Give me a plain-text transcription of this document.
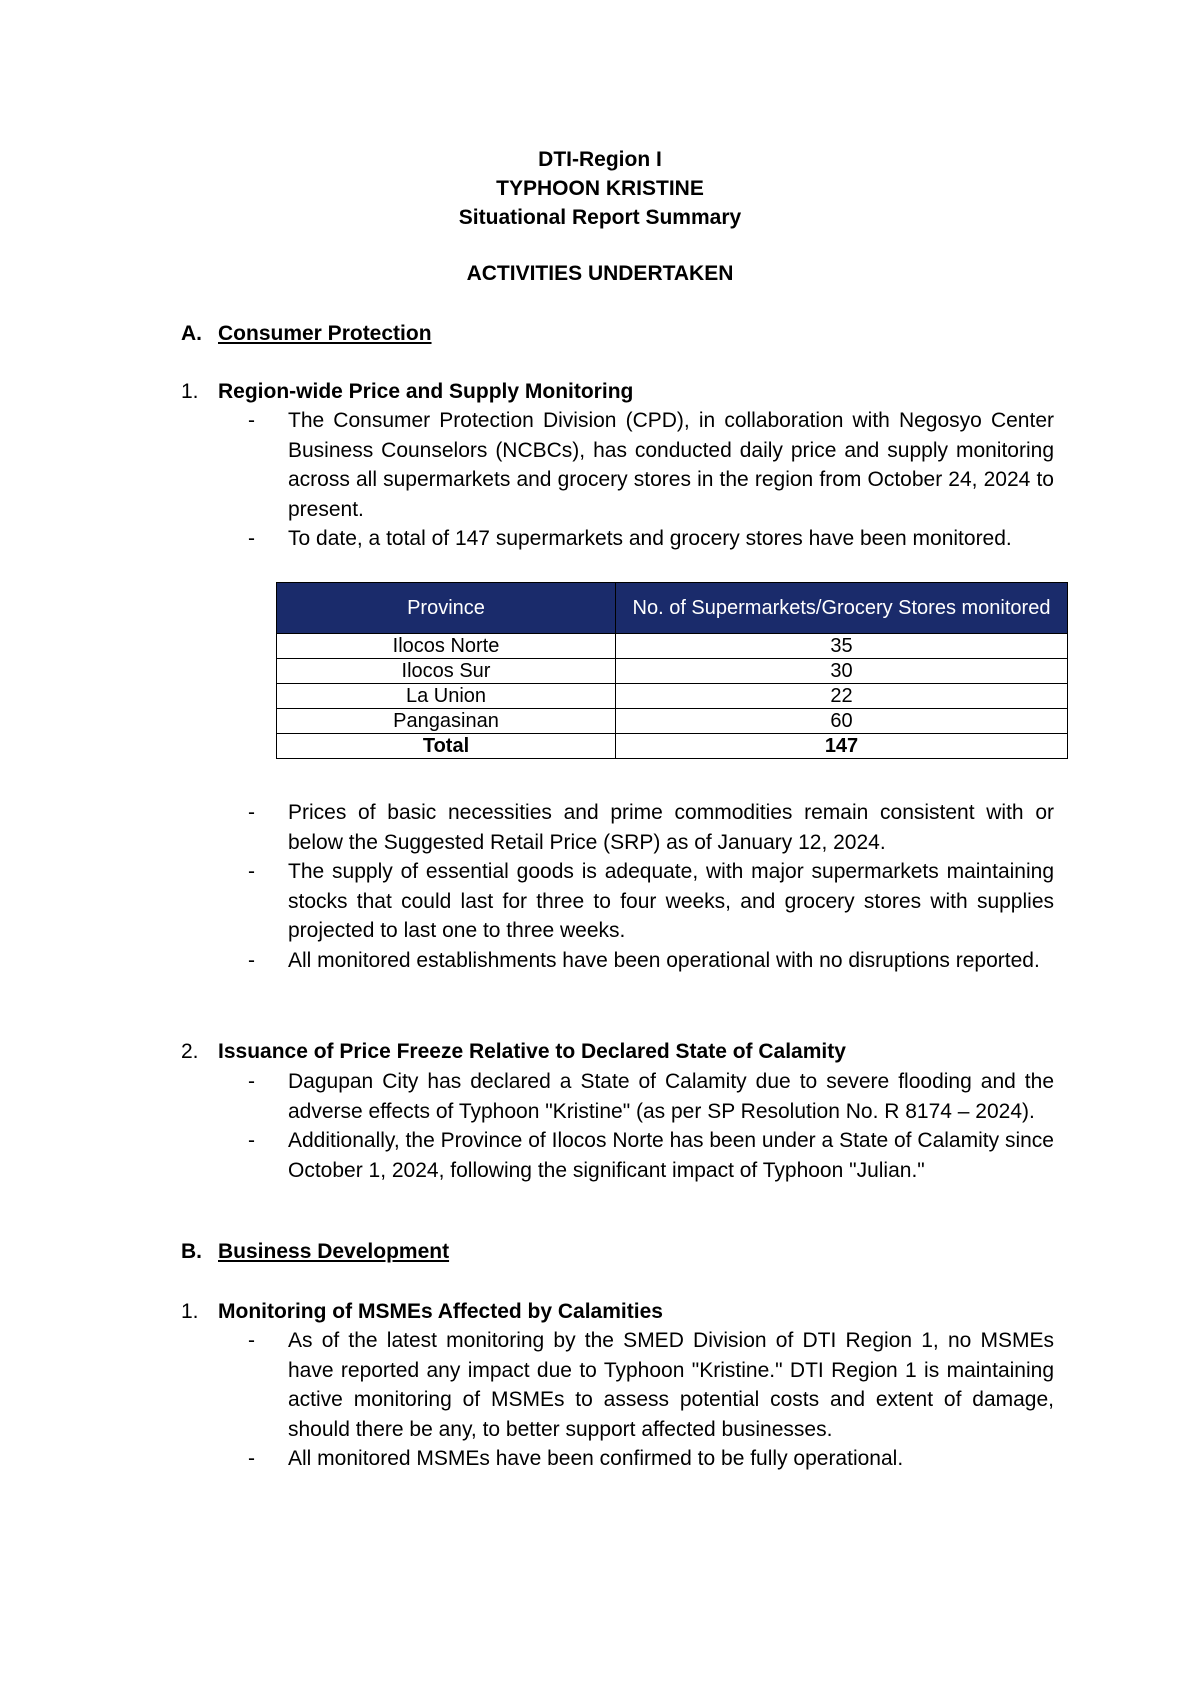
DTI-Region I
TYPHOON KRISTINE
Situational Report Summary
ACTIVITIES UNDERTAKEN
A. Consumer Protection
1. Region-wide Price and Supply Monitoring
- The Consumer Protection Division (CPD), in collaboration with Negosyo Center Business Counselors (NCBCs), has conducted daily price and supply monitoring across all supermarkets and grocery stores in the region from October 24, 2024 to present.
- To date, a total of 147 supermarkets and grocery stores have been monitored.
Province	No. of Supermarkets/Grocery Stores monitored
Ilocos Norte	35
Ilocos Sur	30
La Union	22
Pangasinan	60
Total	147
- Prices of basic necessities and prime commodities remain consistent with or below the Suggested Retail Price (SRP) as of January 12, 2024.
- The supply of essential goods is adequate, with major supermarkets maintaining stocks that could last for three to four weeks, and grocery stores with supplies projected to last one to three weeks.
- All monitored establishments have been operational with no disruptions reported.
2. Issuance of Price Freeze Relative to Declared State of Calamity
- Dagupan City has declared a State of Calamity due to severe flooding and the adverse effects of Typhoon "Kristine" (as per SP Resolution No. R 8174 – 2024).
- Additionally, the Province of Ilocos Norte has been under a State of Calamity since October 1, 2024, following the significant impact of Typhoon "Julian."
B. Business Development
1. Monitoring of MSMEs Affected by Calamities
- As of the latest monitoring by the SMED Division of DTI Region 1, no MSMEs have reported any impact due to Typhoon "Kristine." DTI Region 1 is maintaining active monitoring of MSMEs to assess potential costs and extent of damage, should there be any, to better support affected businesses.
- All monitored MSMEs have been confirmed to be fully operational.
